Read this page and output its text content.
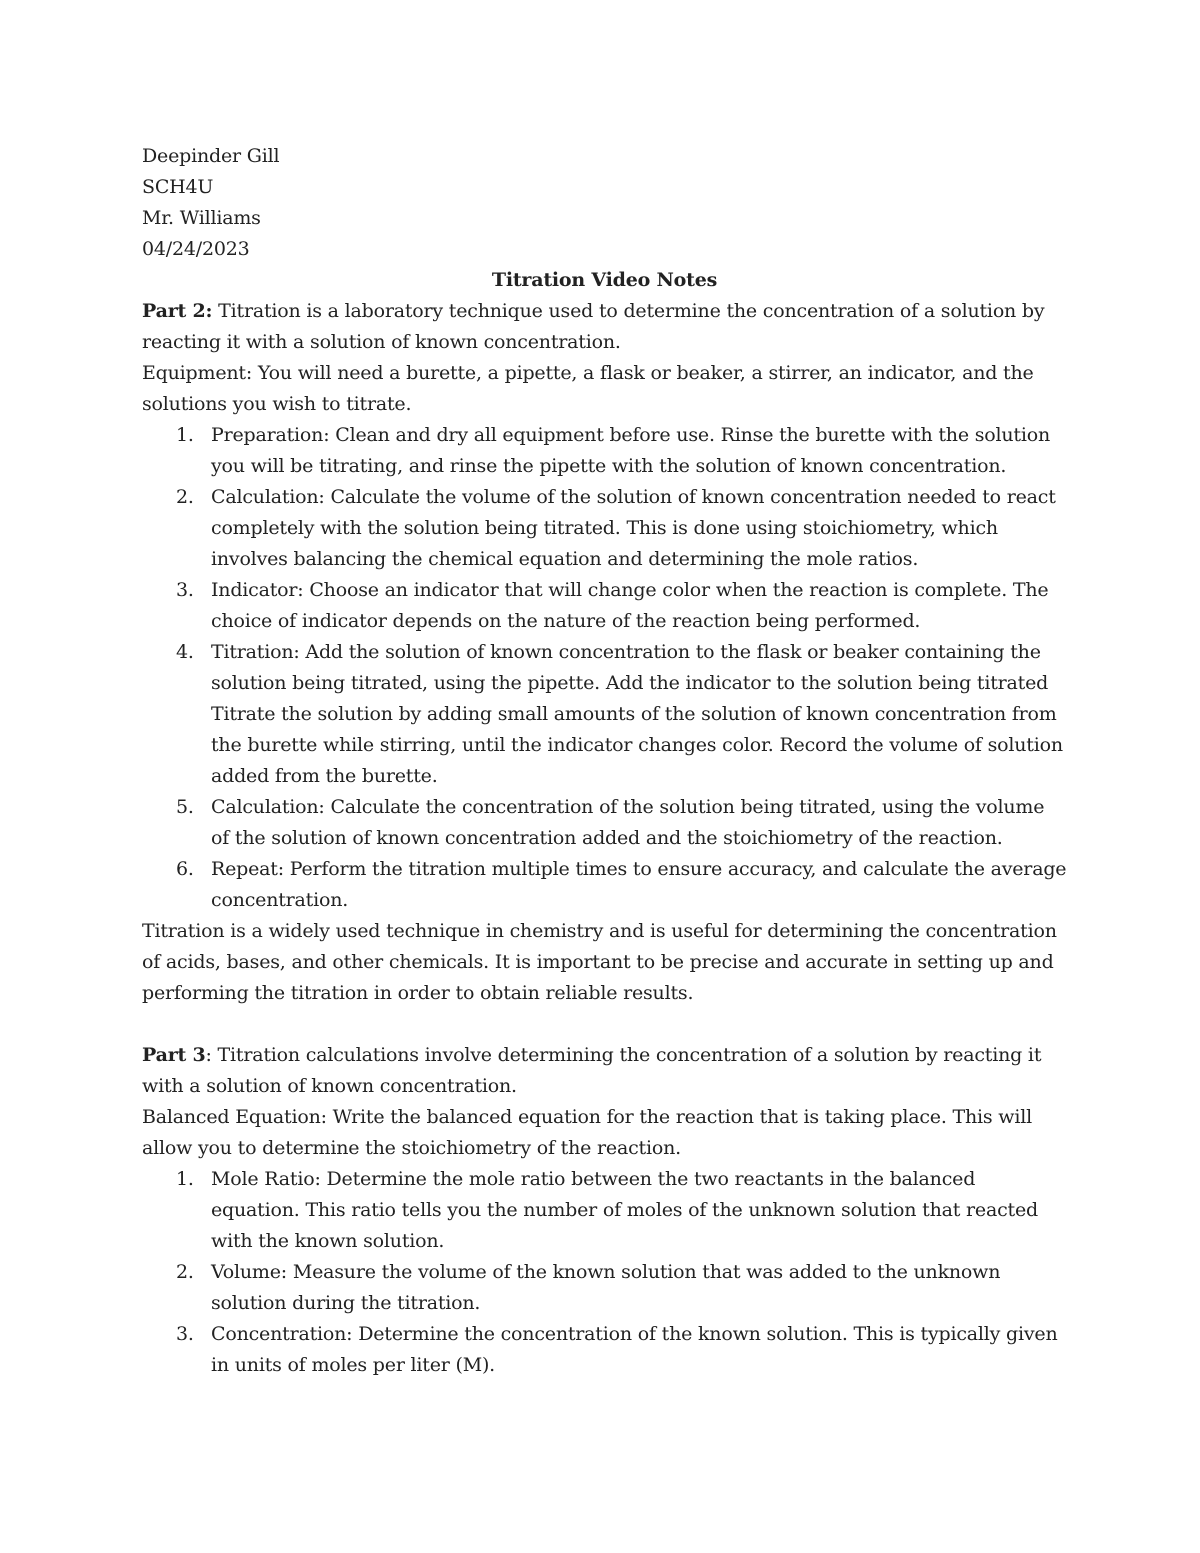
Deepinder Gill
SCH4U
Mr. Williams
04/24/2023
Titration Video Notes

Part 2: Titration is a laboratory technique used to determine the concentration of a solution by reacting it with a solution of known concentration.

Equipment: You will need a burette, a pipette, a flask or beaker, a stirrer, an indicator, and the solutions you wish to titrate.

1. Preparation: Clean and dry all equipment before use. Rinse the burette with the solution you will be titrating, and rinse the pipette with the solution of known concentration.
2. Calculation: Calculate the volume of the solution of known concentration needed to react completely with the solution being titrated. This is done using stoichiometry, which involves balancing the chemical equation and determining the mole ratios.
3. Indicator: Choose an indicator that will change color when the reaction is complete. The choice of indicator depends on the nature of the reaction being performed.
4. Titration: Add the solution of known concentration to the flask or beaker containing the solution being titrated, using the pipette. Add the indicator to the solution being titrated Titrate the solution by adding small amounts of the solution of known concentration from the burette while stirring, until the indicator changes color. Record the volume of solution added from the burette.
5. Calculation: Calculate the concentration of the solution being titrated, using the volume of the solution of known concentration added and the stoichiometry of the reaction.
6. Repeat: Perform the titration multiple times to ensure accuracy, and calculate the average concentration.

Titration is a widely used technique in chemistry and is useful for determining the concentration of acids, bases, and other chemicals. It is important to be precise and accurate in setting up and performing the titration in order to obtain reliable results.

Part 3: Titration calculations involve determining the concentration of a solution by reacting it with a solution of known concentration.

Balanced Equation: Write the balanced equation for the reaction that is taking place. This will allow you to determine the stoichiometry of the reaction.

1. Mole Ratio: Determine the mole ratio between the two reactants in the balanced equation. This ratio tells you the number of moles of the unknown solution that reacted with the known solution.
2. Volume: Measure the volume of the known solution that was added to the unknown solution during the titration.
3. Concentration: Determine the concentration of the known solution. This is typically given in units of moles per liter (M).
